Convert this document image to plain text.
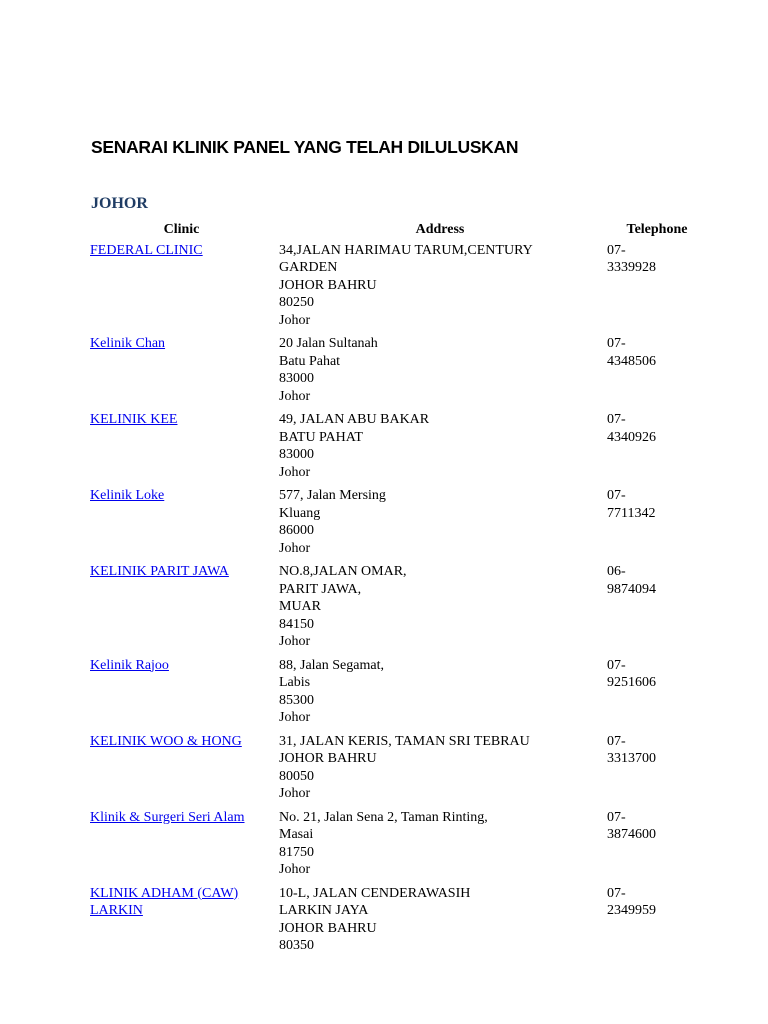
SENARAI KLINIK PANEL YANG TELAH DILULUSKAN
JOHOR
Clinic	Address	Telephone
FEDERAL CLINIC	34,JALAN HARIMAU TARUM,CENTURY
GARDEN
JOHOR BAHRU
80250
Johor	07-
3339928

Kelinik Chan	20 Jalan Sultanah
Batu Pahat
83000
Johor	07-
4348506

KELINIK KEE	49, JALAN ABU BAKAR
BATU PAHAT
83000
Johor	07-
4340926

Kelinik Loke	577, Jalan Mersing
Kluang
86000
Johor	07-
7711342

KELINIK PARIT JAWA	NO.8,JALAN OMAR,
PARIT JAWA,
MUAR
84150
Johor	06-
9874094

Kelinik Rajoo	88, Jalan Segamat,
Labis
85300
Johor	07-
9251606

KELINIK WOO & HONG	31, JALAN KERIS, TAMAN SRI TEBRAU
JOHOR BAHRU
80050
Johor	07-
3313700

Klinik & Surgeri Seri Alam	No. 21, Jalan Sena 2, Taman Rinting,
Masai
81750
Johor	07-
3874600

KLINIK ADHAM (CAW) LARKIN	10-L, JALAN CENDERAWASIH
LARKIN JAYA
JOHOR BAHRU
80350	07-
2349959
